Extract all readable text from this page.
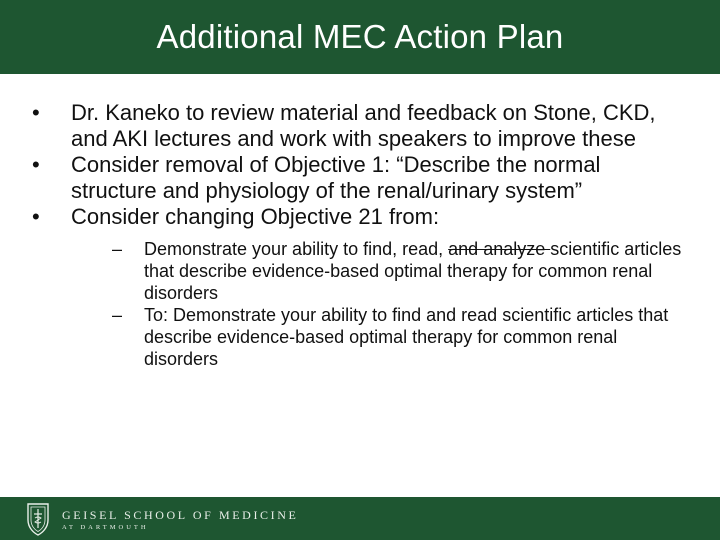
Additional MEC Action Plan
•	Dr. Kaneko to review material and feedback on Stone, CKD, and AKI lectures and work with speakers to improve these
•	Consider removal of Objective 1: “Describe the normal structure and physiology of the renal/urinary system”
•	Consider changing Objective 21 from:
– Demonstrate your ability to find, read, and analyze scientific articles that describe evidence-based optimal therapy for common renal disorders
– To: Demonstrate your ability to find and read scientific articles that describe evidence-based optimal therapy for common renal disorders
GEISEL SCHOOL OF MEDICINE
AT DARTMOUTH
